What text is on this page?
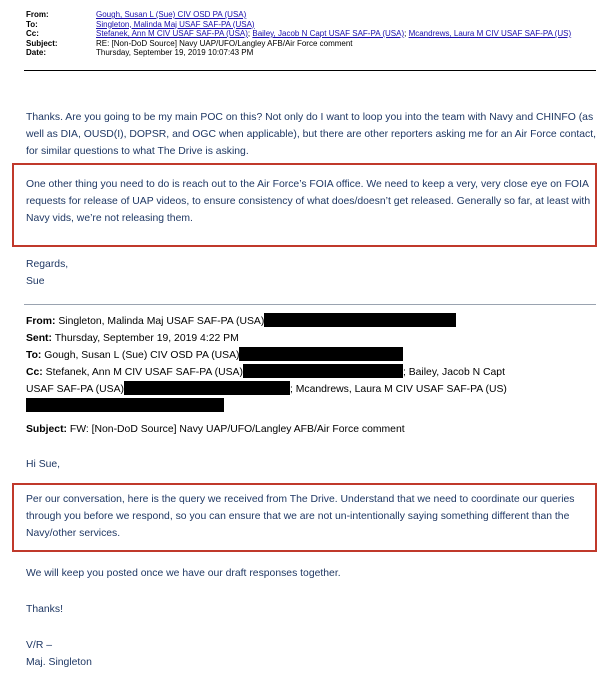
From:	Gough, Susan L (Sue) CIV OSD PA (USA)
To:	Singleton, Malinda Maj USAF SAF-PA (USA)
Cc:	Stefanek, Ann M CIV USAF SAF-PA (USA); Bailey, Jacob N Capt USAF SAF-PA (USA); Mcandrews, Laura M CIV USAF SAF-PA (US)
Subject:	RE: [Non-DoD Source] Navy UAP/UFO/Langley AFB/Air Force comment
Date:	Thursday, September 19, 2019 10:07:43 PM
Thanks. Are you going to be my main POC on this? Not only do I want to loop you into the team with Navy and CHINFO (as well as DIA, OUSD(I), DOPSR, and OGC when applicable), but there are other reporters asking me for an Air Force contact, for similar questions to what The Drive is asking.
One other thing you need to do is reach out to the Air Force’s FOIA office. We need to keep a very, very close eye on FOIA requests for release of UAP videos, to ensure consistency of what does/doesn’t get released. Generally so far, at least with Navy vids, we’re not releasing them.
Regards,
Sue
From: Singleton, Malinda Maj USAF SAF-PA (USA)
Sent: Thursday, September 19, 2019 4:22 PM
To: Gough, Susan L (Sue) CIV OSD PA (USA)
Cc: Stefanek, Ann M CIV USAF SAF-PA (USA)	; Bailey, Jacob N Capt
USAF SAF-PA (USA)	; Mcandrews, Laura M CIV USAF SAF-PA (US)

Subject: FW: [Non-DoD Source] Navy UAP/UFO/Langley AFB/Air Force comment
Hi Sue,
Per our conversation, here is the query we received from The Drive. Understand that we need to coordinate our queries through you before we respond, so you can ensure that we are not un-intentionally saying something different than the Navy/other services.
We will keep you posted once we have our draft responses together.
Thanks!
V/R –
Maj. Singleton
